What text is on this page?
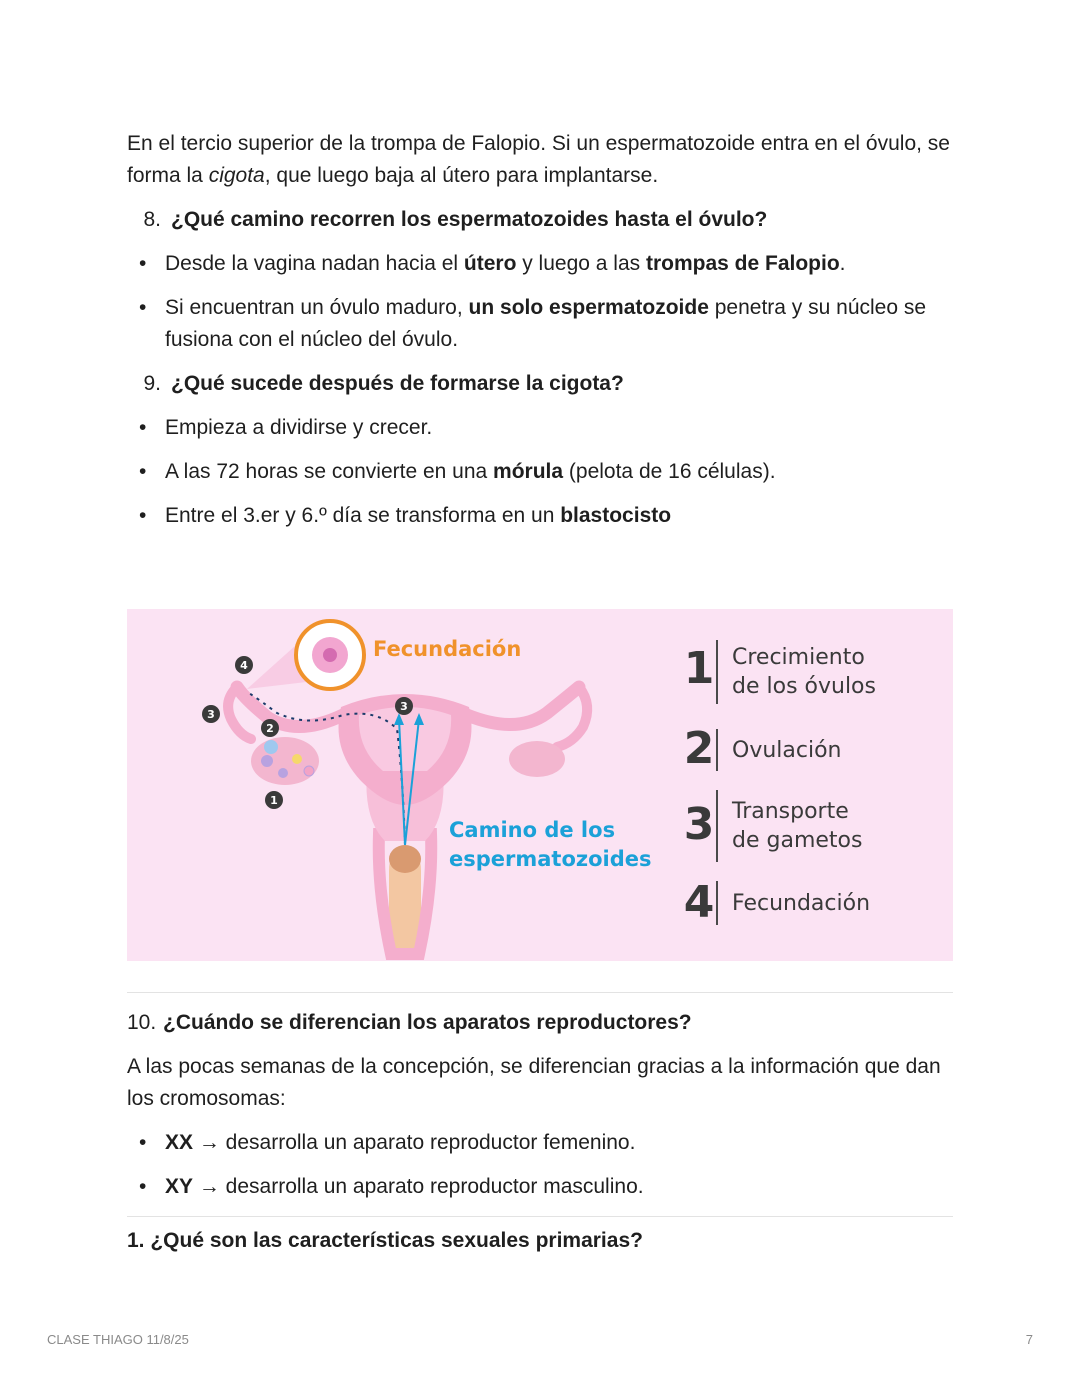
En el tercio superior de la trompa de Falopio. Si un espermatozoide entra en el óvulo, se forma la cigota, que luego baja al útero para implantarse.

8. ¿Qué camino recorren los espermatozoides hasta el óvulo?
• Desde la vagina nadan hacia el útero y luego a las trompas de Falopio.
• Si encuentran un óvulo maduro, un solo espermatozoide penetra y su núcleo se fusiona con el núcleo del óvulo.
9. ¿Qué sucede después de formarse la cigota?
• Empieza a dividirse y crecer.
• A las 72 horas se convierte en una mórula (pelota de 16 células).
• Entre el 3.er y 6.º día se transforma en un blastocisto
4
3
2
1
3
Fecundación
Camino de los
espermatozoides
1 Crecimiento
de los óvulos
2 Ovulación
3 Transporte
de gametos
4 Fecundación
10. ¿Cuándo se diferencian los aparatos reproductores?

A las pocas semanas de la concepción, se diferencian gracias a la información que dan los cromosomas:

• XX → desarrolla un aparato reproductor femenino.
• XY → desarrolla un aparato reproductor masculino.
1. ¿Qué son las características sexuales primarias?
CLASE THIAGO 11/8/25	7
